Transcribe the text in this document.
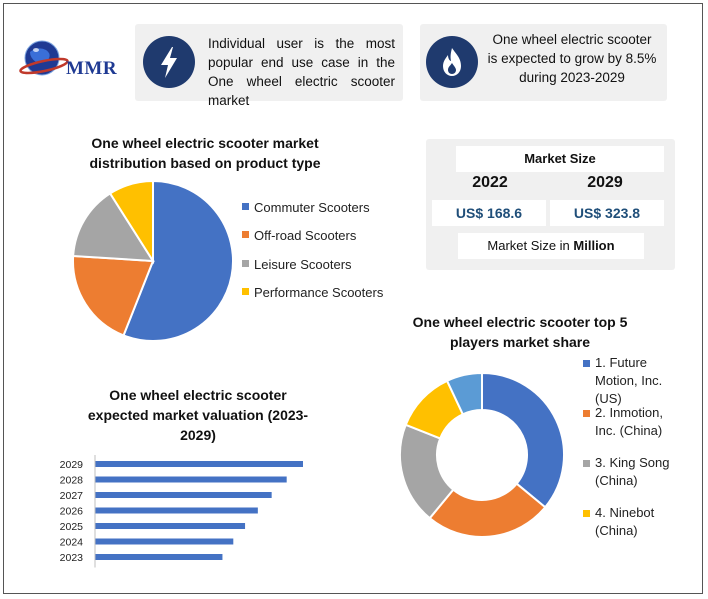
MMR
Individual user is the most popular end use case in the One wheel electric scooter market
One wheel electric scooter is expected to grow by 8.5% during 2023-2029
One wheel electric scooter market distribution based on product type
Commuter Scooters
Off-road Scooters
Leisure Scooters
Performance Scooters
Market Size
2022	2029
US$ 168.6	US$ 323.8
Market Size in Million
One wheel electric scooter expected market valuation (2023-2029)
2029
2028
2027
2026
2025
2024
2023
One wheel electric scooter top 5 players market share
1. Future
Motion, Inc.
(US)
2. Inmotion,
Inc. (China)
3. King Song
(China)
4. Ninebot
(China)
